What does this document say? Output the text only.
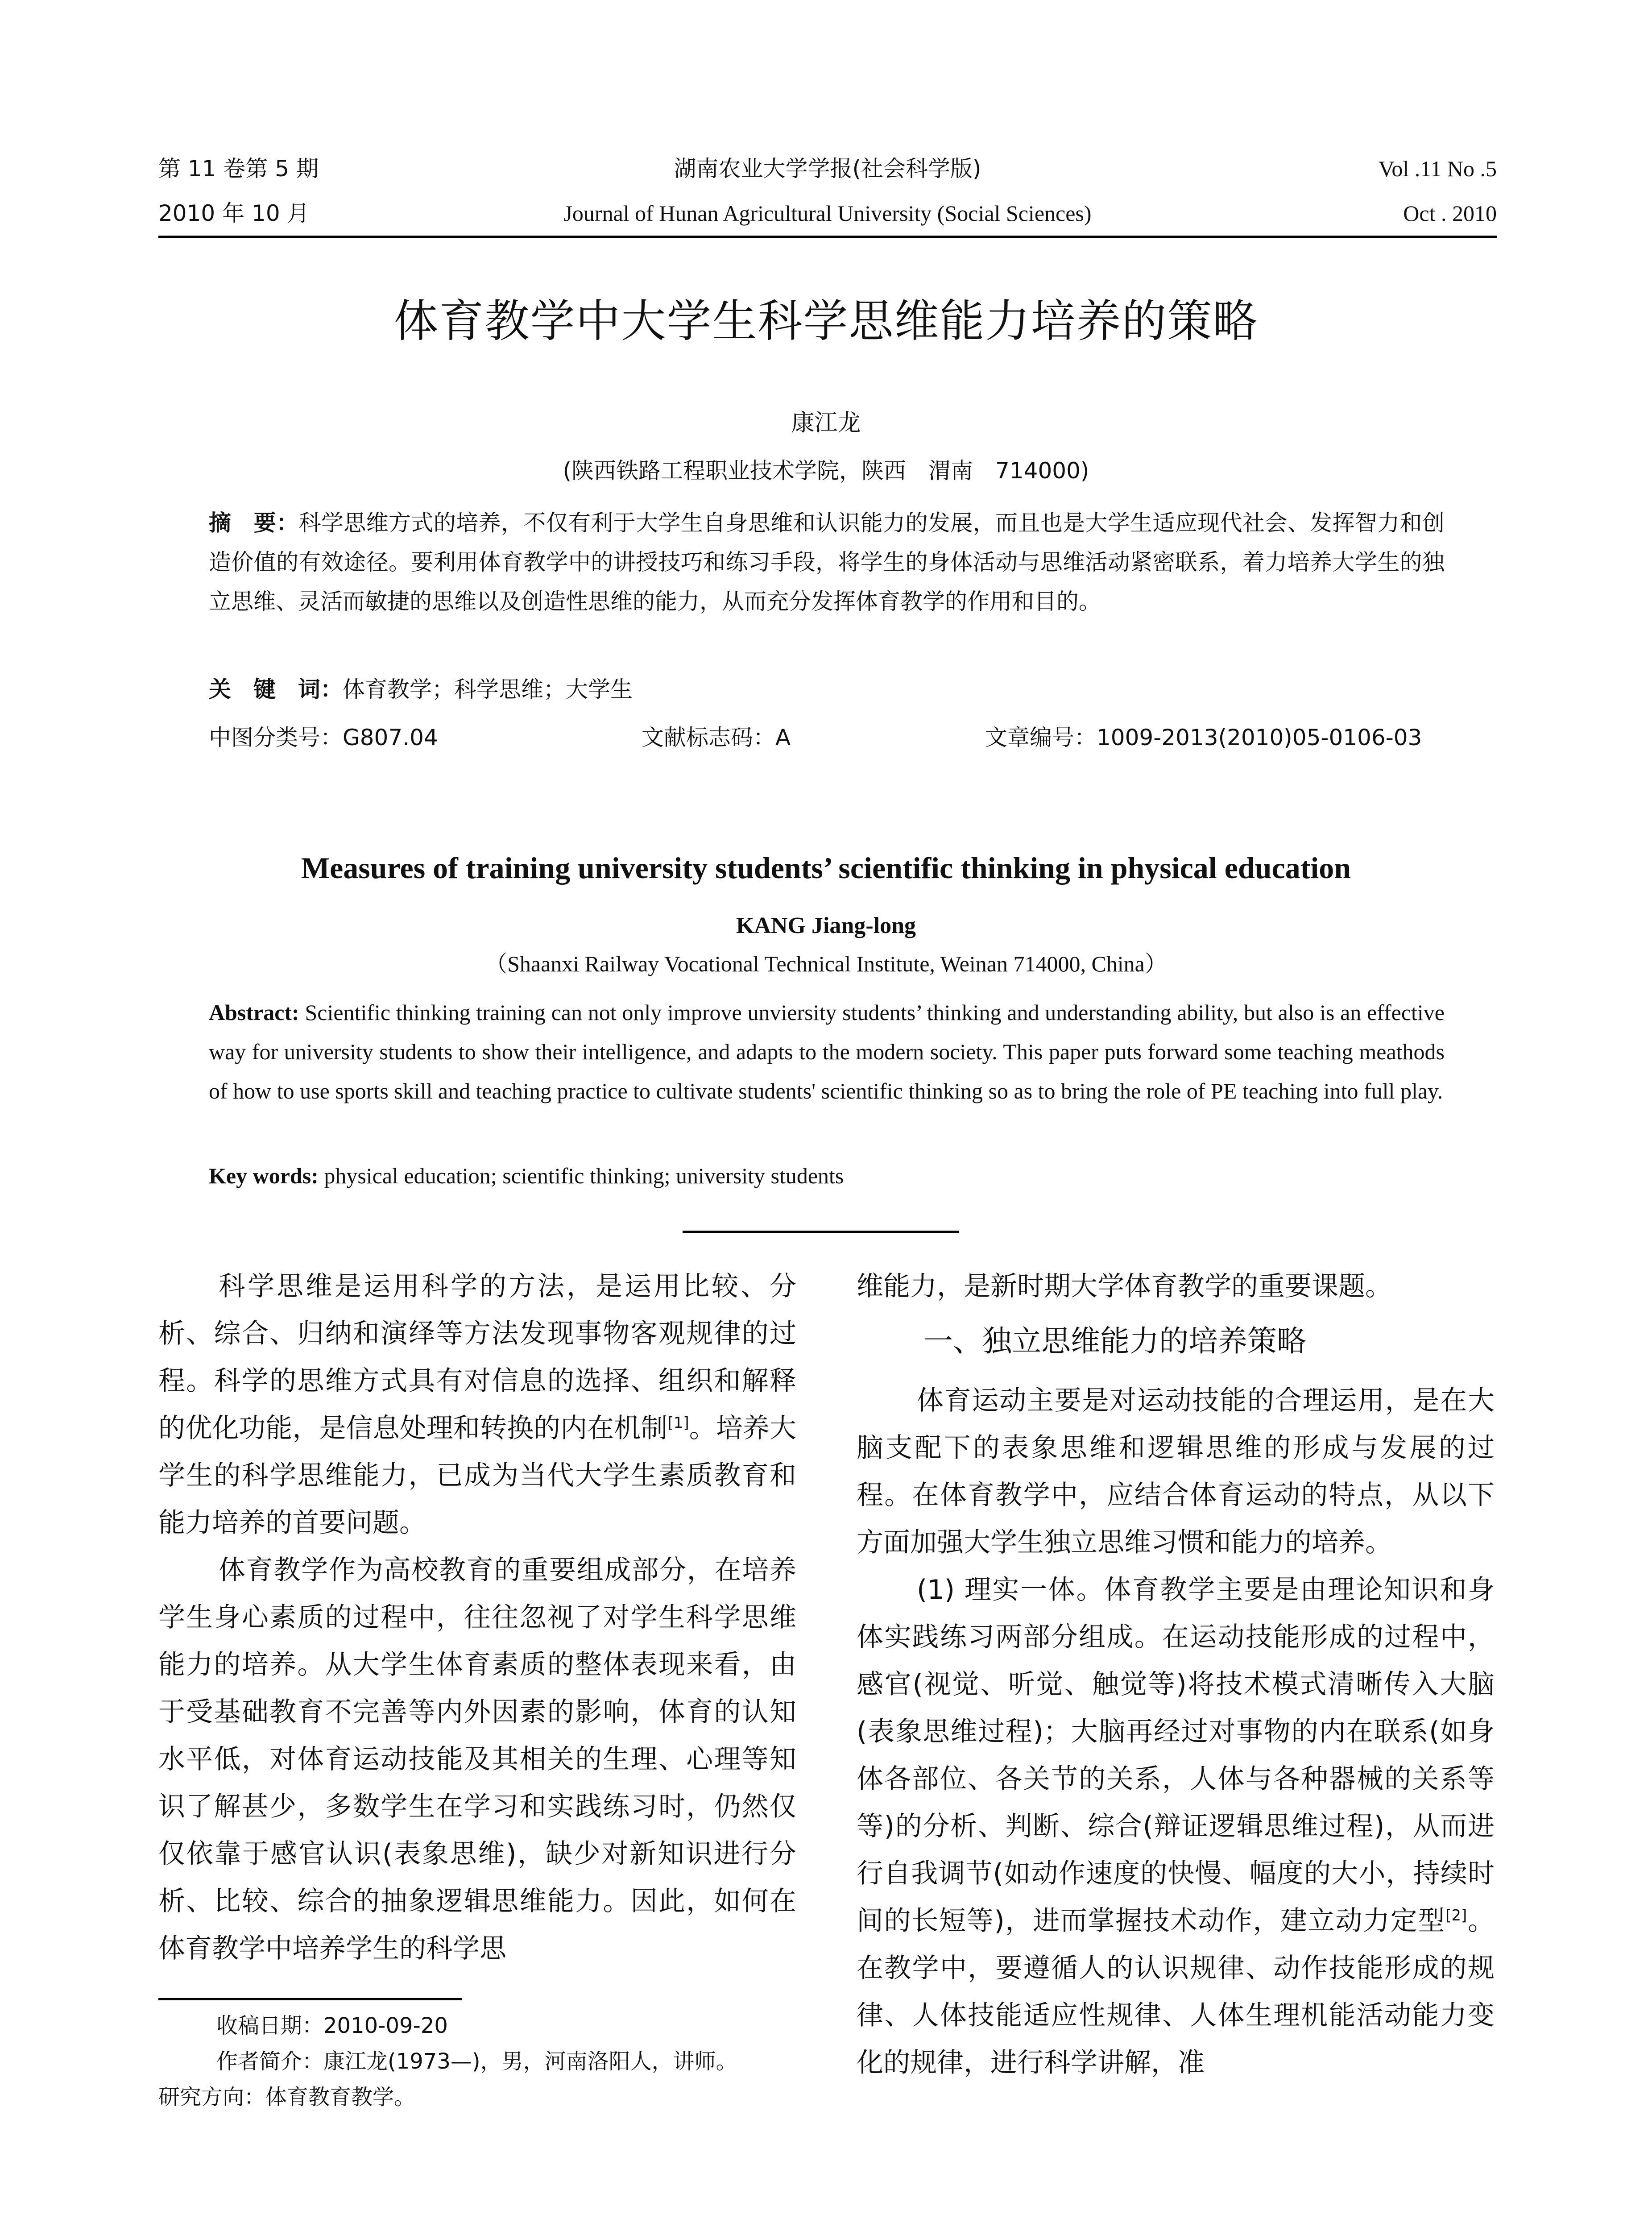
第 11 卷第 5 期	湖南农业大学学报(社会科学版)	Vol .11 No .5
2010 年 10 月	Journal of Hunan Agricultural University (Social Sciences)	Oct . 2010
体育教学中大学生科学思维能力培养的策略
康江龙
(陕西铁路工程职业技术学院，陕西　渭南　714000)

摘　要：科学思维方式的培养，不仅有利于大学生自身思维和认识能力的发展，而且也是大学生适应现代社会、发挥智力和创造价值的有效途径。要利用体育教学中的讲授技巧和练习手段，将学生的身体活动与思维活动紧密联系，着力培养大学生的独立思维、灵活而敏捷的思维以及创造性思维的能力，从而充分发挥体育教学的作用和目的。

关　键　词：体育教学；科学思维；大学生
中图分类号：G807.04	文献标志码：A	文章编号：1009-2013(2010)05-0106-03
Measures of training university students’ scientific thinking in physical education
KANG Jiang-long
（Shaanxi Railway Vocational Technical Institute, Weinan 714000, China）

Abstract: Scientific thinking training can not only improve unviersity students’ thinking and understanding ability, but also is an effective way for university students to show their intelligence, and adapts to the modern society. This paper puts forward some teaching meathods of how to use sports skill and teaching practice to cultivate students' scientific thinking so as to bring the role of PE teaching into full play.

Key words: physical education; scientific thinking; university students

科学思维是运用科学的方法，是运用比较、分析、综合、归纳和演绎等方法发现事物客观规律的过程。科学的思维方式具有对信息的选择、组织和解释的优化功能，是信息处理和转换的内在机制[1]。培养大学生的科学思维能力，已成为当代大学生素质教育和能力培养的首要问题。

体育教学作为高校教育的重要组成部分，在培养学生身心素质的过程中，往往忽视了对学生科学思维能力的培养。从大学生体育素质的整体表现来看，由于受基础教育不完善等内外因素的影响，体育的认知水平低，对体育运动技能及其相关的生理、心理等知识了解甚少，多数学生在学习和实践练习时，仍然仅仅依靠于感官认识(表象思维)，缺少对新知识进行分析、比较、综合的抽象逻辑思维能力。因此，如何在体育教学中培养学生的科学思

维能力，是新时期大学体育教学的重要课题。

一、独立思维能力的培养策略

体育运动主要是对运动技能的合理运用，是在大脑支配下的表象思维和逻辑思维的形成与发展的过程。在体育教学中，应结合体育运动的特点，从以下方面加强大学生独立思维习惯和能力的培养。

(1) 理实一体。体育教学主要是由理论知识和身体实践练习两部分组成。在运动技能形成的过程中，感官(视觉、听觉、触觉等)将技术模式清晰传入大脑(表象思维过程)；大脑再经过对事物的内在联系(如身体各部位、各关节的关系，人体与各种器械的关系等等)的分析、判断、综合(辩证逻辑思维过程)，从而进行自我调节(如动作速度的快慢、幅度的大小，持续时间的长短等)，进而掌握技术动作，建立动力定型[2]。在教学中，要遵循人的认识规律、动作技能形成的规律、人体技能适应性规律、人体生理机能活动能力变化的规律，进行科学讲解，准

收稿日期：2010-09-20

作者简介：康江龙(1973—)，男，河南洛阳人，讲师。

研究方向：体育教育教学。
